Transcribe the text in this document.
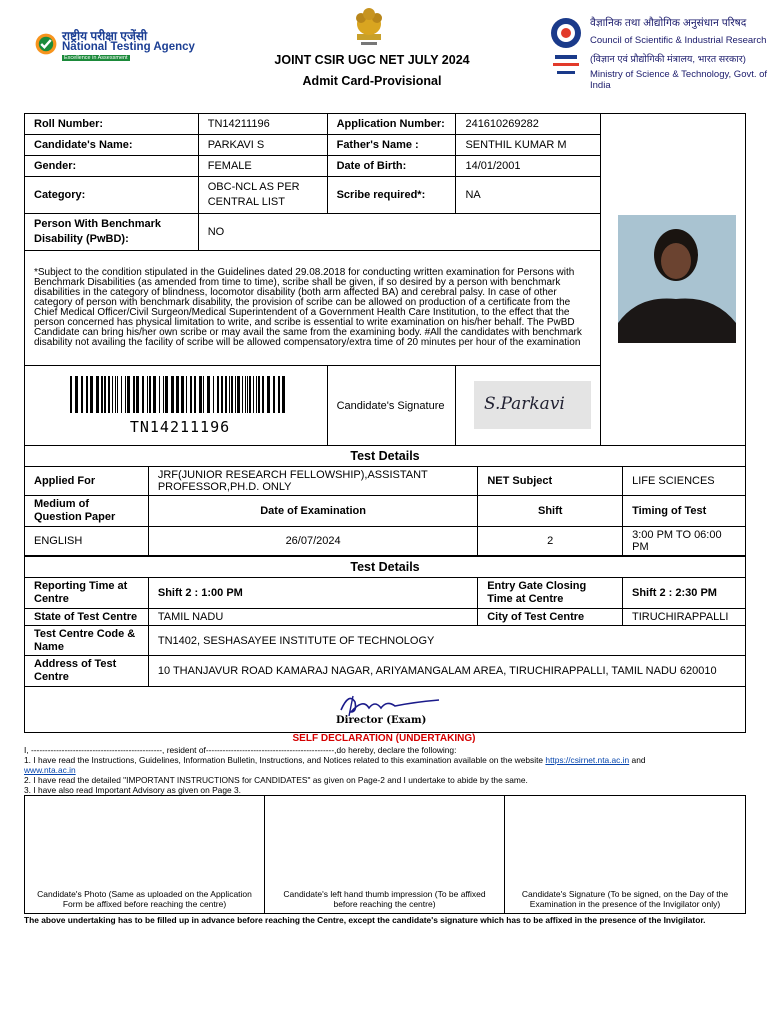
राष्ट्रीय परीक्षा एजेंसी
National Testing Agency
Excellence in Assessment	JOINT CSIR UGC NET JULY 2024
Admit Card-Provisional
वैज्ञानिक तथा औद्योगिक अनुसंधान परिषद
Council of Scientific & Industrial Research
(विज्ञान एवं प्रौद्योगिकी मंत्रालय, भारत सरकार)
Ministry of Science & Technology, Govt. of India
Roll Number:	TN14211196	Application Number:	241610269282	
Candidate's Name:	PARKAVI S	Father's Name :	SENTHIL KUMAR M	
Gender:	FEMALE	Date of Birth:	14/01/2001	
Category:	OBC-NCL AS PER CENTRAL LIST	Scribe required*:	NA	
Person With Benchmark Disability (PwBD):	NO			
*Subject to the condition stipulated in the Guidelines dated 29.08.2018 for conducting written examination for Persons with Benchmark Disabilities (as amended from time to time), scribe shall be given, if so desired by a person with benchmark disabilities in the category of blindness, locomotor disability (both arm affected BA) and cerebral palsy. In case of other category of person with benchmark disability, the provision of scribe can be allowed on production of a certificate from the Chief Medical Officer/Civil Surgeon/Medical Superintendent of a Government Health Care Institution, to the effect that the person concerned has physical limitation to write, and scribe is essential to write examination on his/her behalf. The PwBD Candidate can bring his/her own scribe or may avail the same from the examining body. #All the candidates with benchmark disability not availing the facility of scribe will be allowed compensatory/extra time of 20 minutes per hour of the examination				
		Candidate's Signature		S.Parkavi
TN14211196
Test Details			
Applied For	JRF(JUNIOR RESEARCH FELLOWSHIP),ASSISTANT PROFESSOR,PH.D. ONLY	NET Subject	LIFE SCIENCES
Medium of Question Paper	Date of Examination	Shift	Timing of Test
ENGLISH	26/07/2024	2	3:00 PM TO 06:00 PM
Test Details			
Reporting Time at Centre	Shift 2 : 1:00 PM	Entry Gate Closing Time at Centre	Shift 2 : 2:30 PM
State of Test Centre	TAMIL NADU	City of Test Centre	TIRUCHIRAPPALLI
Test Centre Code & Name	TN1402, SESHASAYEE INSTITUTE OF TECHNOLOGY		
Address of Test Centre	10 THANJAVUR ROAD KAMARAJ NAGAR, ARIYAMANGALAM AREA, TIRUCHIRAPPALLI, TAMIL NADU 620010		
Director (Exam)
SELF DECLARATION (UNDERTAKING)
I, -----------------------------------------------, resident of----------------------------------------------,do hereby, declare the following:
1. I have read the Instructions, Guidelines, Information Bulletin, Instructions, and Notices related to this examination available on the website https://csirnet.nta.ac.in and
www.nta.ac.in
2. I have read the detailed "IMPORTANT INSTRUCTIONS for CANDIDATES" as given on Page-2 and I undertake to abide by the same.
3. I have also read Important Advisory as given on Page 3.
Candidate's Photo (Same as uploaded on the Application Form be affixed before reaching the centre)
Candidate's left hand thumb impression (To be affixed before reaching the centre)
Candidate's Signature (To be signed, on the Day of the Examination in the presence of the Invigilator only)
The above undertaking has to be filled up in advance before reaching the Centre, except the candidate's signature which has to be affixed in the presence of the Invigilator.
